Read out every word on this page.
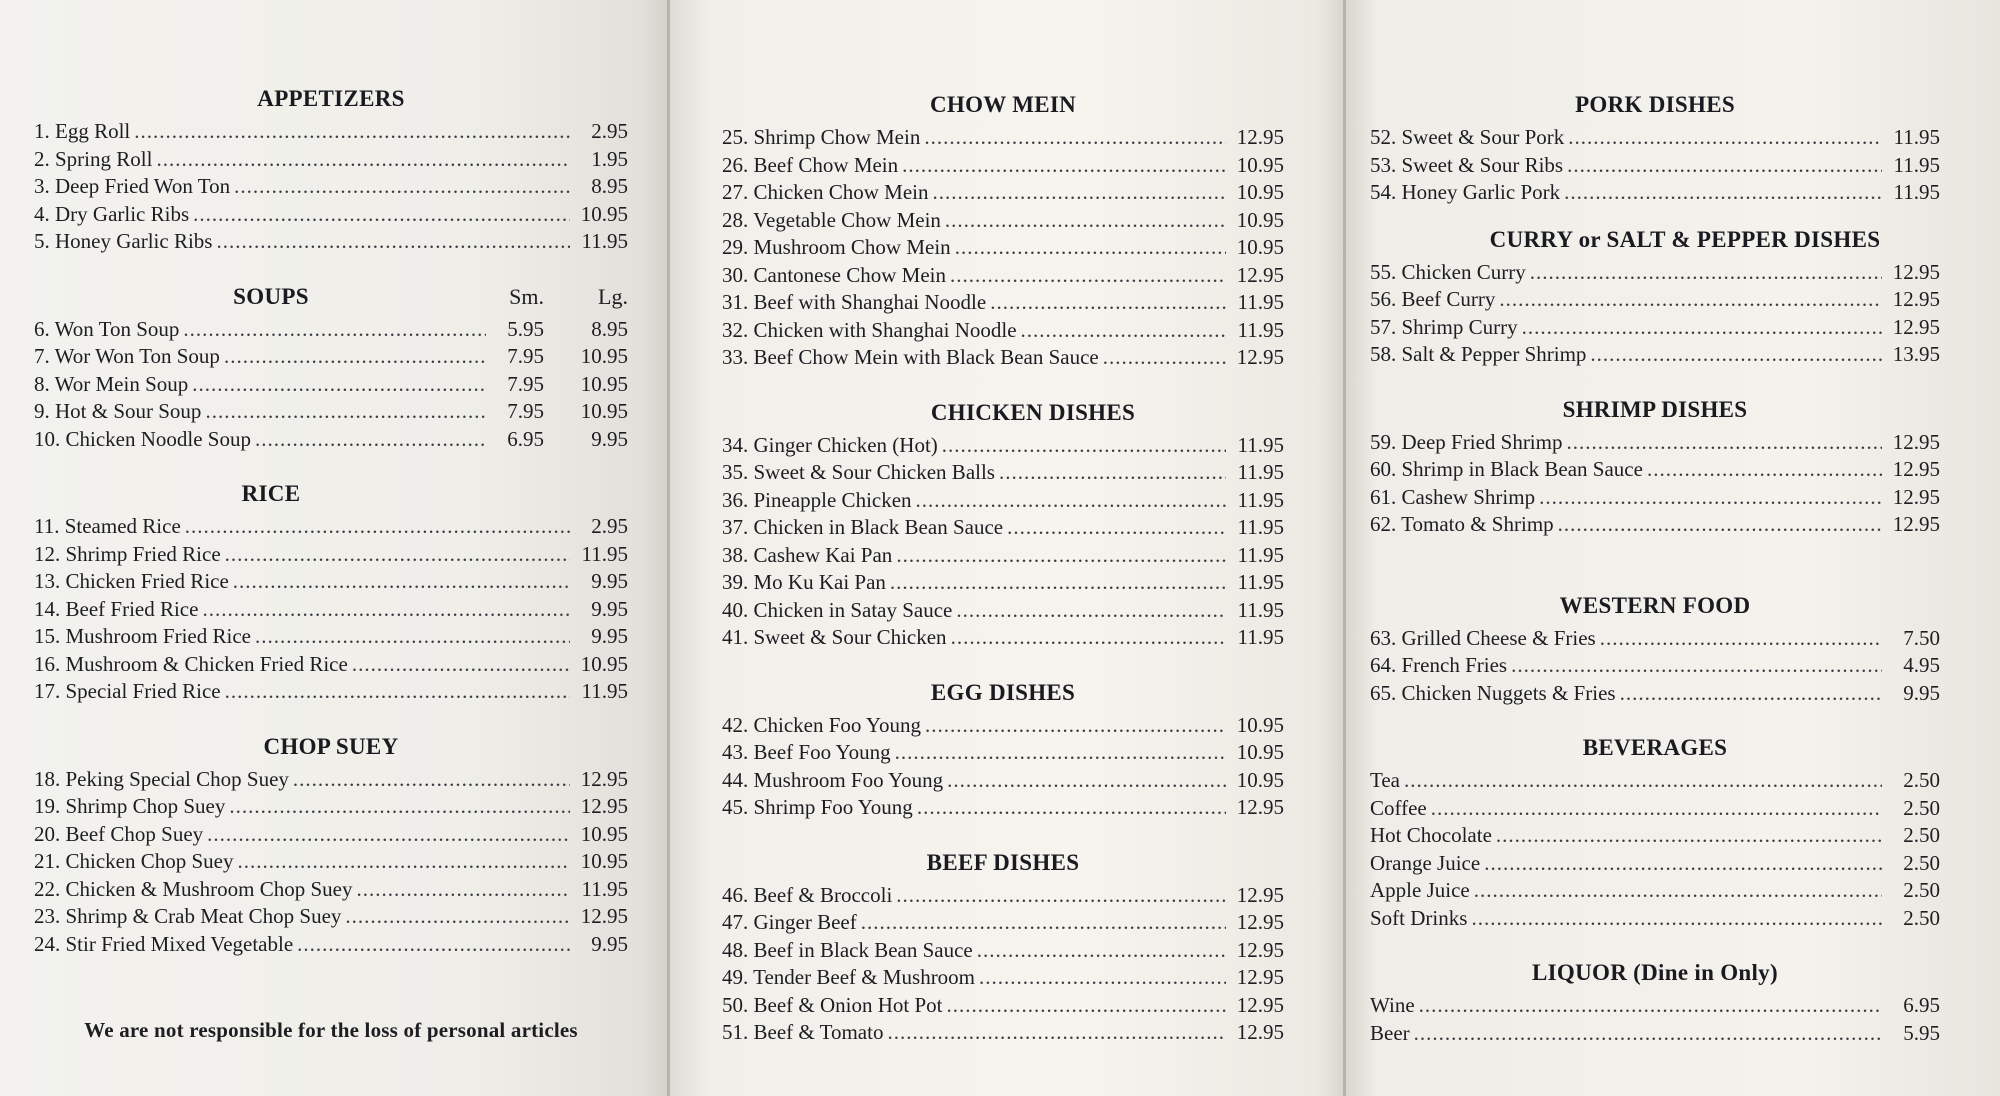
APPETIZERS
1. Egg Roll .....	2.95
2. Spring Roll .....	1.95
3. Deep Fried Won Ton .....	8.95
4. Dry Garlic Ribs .....	10.95
5. Honey Garlic Ribs .....	11.95
SOUPS	Sm.	Lg.
6. Won Ton Soup .....	5.95	8.95
7. Wor Won Ton Soup .....	7.95	10.95
8. Wor Mein Soup .....	7.95	10.95
9. Hot & Sour Soup .....	7.95	10.95
10. Chicken Noodle Soup .....	6.95	9.95
RICE
11. Steamed Rice .....	2.95
12. Shrimp Fried Rice .....	11.95
13. Chicken Fried Rice .....	9.95
14. Beef Fried Rice .....	9.95
15. Mushroom Fried Rice .....	9.95
16. Mushroom & Chicken Fried Rice .....	10.95
17. Special Fried Rice .....	11.95
CHOP SUEY
18. Peking Special Chop Suey .....	12.95
19. Shrimp Chop Suey .....	12.95
20. Beef Chop Suey .....	10.95
21. Chicken Chop Suey .....	10.95
22. Chicken & Mushroom Chop Suey .....	11.95
23. Shrimp & Crab Meat Chop Suey .....	12.95
24. Stir Fried Mixed Vegetable .....	9.95
We are not responsible for the loss of personal articles
CHOW MEIN
25. Shrimp Chow Mein .....	12.95
26. Beef Chow Mein .....	10.95
27. Chicken Chow Mein .....	10.95
28. Vegetable Chow Mein .....	10.95
29. Mushroom Chow Mein .....	10.95
30. Cantonese Chow Mein .....	12.95
31. Beef with Shanghai Noodle .....	11.95
32. Chicken with Shanghai Noodle .....	11.95
33. Beef Chow Mein with Black Bean Sauce .....	12.95
CHICKEN DISHES
34. Ginger Chicken (Hot) .....	11.95
35. Sweet & Sour Chicken Balls .....	11.95
36. Pineapple Chicken .....	11.95
37. Chicken in Black Bean Sauce .....	11.95
38. Cashew Kai Pan .....	11.95
39. Mo Ku Kai Pan .....	11.95
40. Chicken in Satay Sauce .....	11.95
41. Sweet & Sour Chicken .....	11.95
EGG DISHES
42. Chicken Foo Young .....	10.95
43. Beef Foo Young .....	10.95
44. Mushroom Foo Young .....	10.95
45. Shrimp Foo Young .....	12.95
BEEF DISHES
46. Beef & Broccoli .....	12.95
47. Ginger Beef .....	12.95
48. Beef in Black Bean Sauce .....	12.95
49. Tender Beef & Mushroom .....	12.95
50. Beef & Onion Hot Pot .....	12.95
51. Beef & Tomato .....	12.95
PORK DISHES
52. Sweet & Sour Pork .....	11.95
53. Sweet & Sour Ribs .....	11.95
54. Honey Garlic Pork .....	11.95
CURRY or SALT & PEPPER DISHES
55. Chicken Curry .....	12.95
56. Beef Curry .....	12.95
57. Shrimp Curry .....	12.95
58. Salt & Pepper Shrimp .....	13.95
SHRIMP DISHES
59. Deep Fried Shrimp .....	12.95
60. Shrimp in Black Bean Sauce .....	12.95
61. Cashew Shrimp .....	12.95
62. Tomato & Shrimp .....	12.95
WESTERN FOOD
63. Grilled Cheese & Fries .....	7.50
64. French Fries .....	4.95
65. Chicken Nuggets & Fries .....	9.95
BEVERAGES
Tea .....	2.50
Coffee .....	2.50
Hot Chocolate .....	2.50
Orange Juice .....	2.50
Apple Juice .....	2.50
Soft Drinks .....	2.50
LIQUOR (Dine in Only)
Wine .....	6.95
Beer .....	5.95
